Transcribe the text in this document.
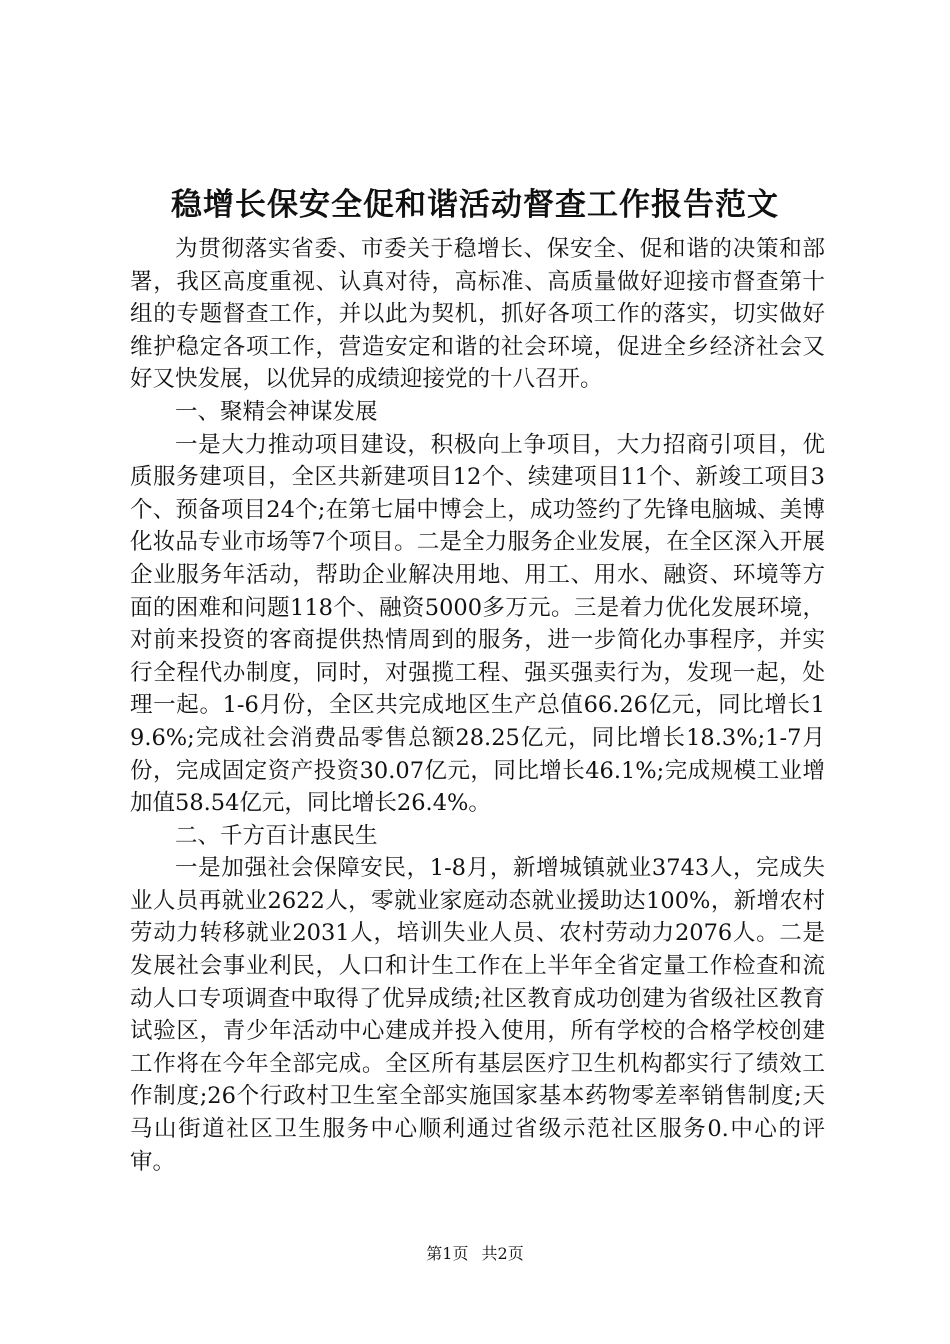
稳增长保安全促和谐活动督查工作报告范文

为贯彻落实省委、市委关于稳增长、保安全、促和谐的决策和部署，我区高度重视、认真对待，高标准、高质量做好迎接市督查第十组的专题督查工作，并以此为契机，抓好各项工作的落实，切实做好维护稳定各项工作，营造安定和谐的社会环境，促进全乡经济社会又好又快发展，以优异的成绩迎接党的十八召开。

一、聚精会神谋发展

一是大力推动项目建设，积极向上争项目，大力招商引项目，优质服务建项目，全区共新建项目12个、续建项目11个、新竣工项目3个、预备项目24个;在第七届中博会上，成功签约了先锋电脑城、美博化妆品专业市场等7个项目。二是全力服务企业发展，在全区深入开展企业服务年活动，帮助企业解决用地、用工、用水、融资、环境等方面的困难和问题118个、融资5000多万元。三是着力优化发展环境，对前来投资的客商提供热情周到的服务，进一步简化办事程序，并实行全程代办制度，同时，对强揽工程、强买强卖行为，发现一起，处理一起。1-6月份，全区共完成地区生产总值66.26亿元，同比增长19.6%;完成社会消费品零售总额28.25亿元，同比增长18.3%;1-7月份，完成固定资产投资30.07亿元，同比增长46.1%;完成规模工业增加值58.54亿元，同比增长26.4%。

二、千方百计惠民生

一是加强社会保障安民，1-8月，新增城镇就业3743人，完成失业人员再就业2622人，零就业家庭动态就业援助达100%，新增农村劳动力转移就业2031人，培训失业人员、农村劳动力2076人。二是发展社会事业利民，人口和计生工作在上半年全省定量工作检查和流动人口专项调查中取得了优异成绩;社区教育成功创建为省级社区教育试验区，青少年活动中心建成并投入使用，所有学校的合格学校创建工作将在今年全部完成。全区所有基层医疗卫生机构都实行了绩效工作制度;26个行政村卫生室全部实施国家基本药物零差率销售制度;天马山街道社区卫生服务中心顺利通过省级示范社区服务0.中心的评审。

第1页 共2页
